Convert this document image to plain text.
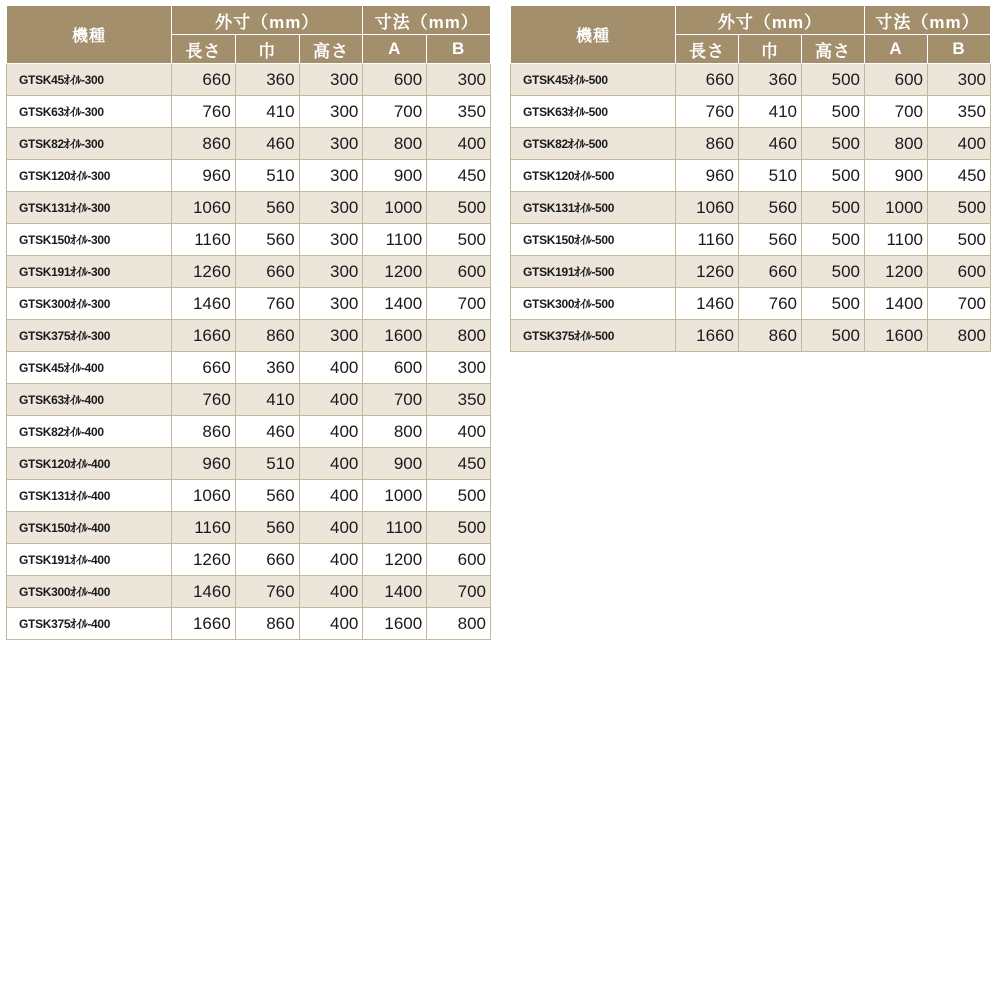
機種	外寸（mm）			寸法（mm）	
	長さ	巾	高さ	A	B
GTSK45ｵｲﾙ-300	660	360	300	600	300
GTSK63ｵｲﾙ-300	760	410	300	700	350
GTSK82ｵｲﾙ-300	860	460	300	800	400
GTSK120ｵｲﾙ-300	960	510	300	900	450
GTSK131ｵｲﾙ-300	1060	560	300	1000	500
GTSK150ｵｲﾙ-300	1160	560	300	1100	500
GTSK191ｵｲﾙ-300	1260	660	300	1200	600
GTSK300ｵｲﾙ-300	1460	760	300	1400	700
GTSK375ｵｲﾙ-300	1660	860	300	1600	800
GTSK45ｵｲﾙ-400	660	360	400	600	300
GTSK63ｵｲﾙ-400	760	410	400	700	350
GTSK82ｵｲﾙ-400	860	460	400	800	400
GTSK120ｵｲﾙ-400	960	510	400	900	450
GTSK131ｵｲﾙ-400	1060	560	400	1000	500
GTSK150ｵｲﾙ-400	1160	560	400	1100	500
GTSK191ｵｲﾙ-400	1260	660	400	1200	600
GTSK300ｵｲﾙ-400	1460	760	400	1400	700
GTSK375ｵｲﾙ-400	1660	860	400	1600	800
機種	外寸（mm）			寸法（mm）	
	長さ	巾	高さ	A	B
GTSK45ｵｲﾙ-500	660	360	500	600	300
GTSK63ｵｲﾙ-500	760	410	500	700	350
GTSK82ｵｲﾙ-500	860	460	500	800	400
GTSK120ｵｲﾙ-500	960	510	500	900	450
GTSK131ｵｲﾙ-500	1060	560	500	1000	500
GTSK150ｵｲﾙ-500	1160	560	500	1100	500
GTSK191ｵｲﾙ-500	1260	660	500	1200	600
GTSK300ｵｲﾙ-500	1460	760	500	1400	700
GTSK375ｵｲﾙ-500	1660	860	500	1600	800
